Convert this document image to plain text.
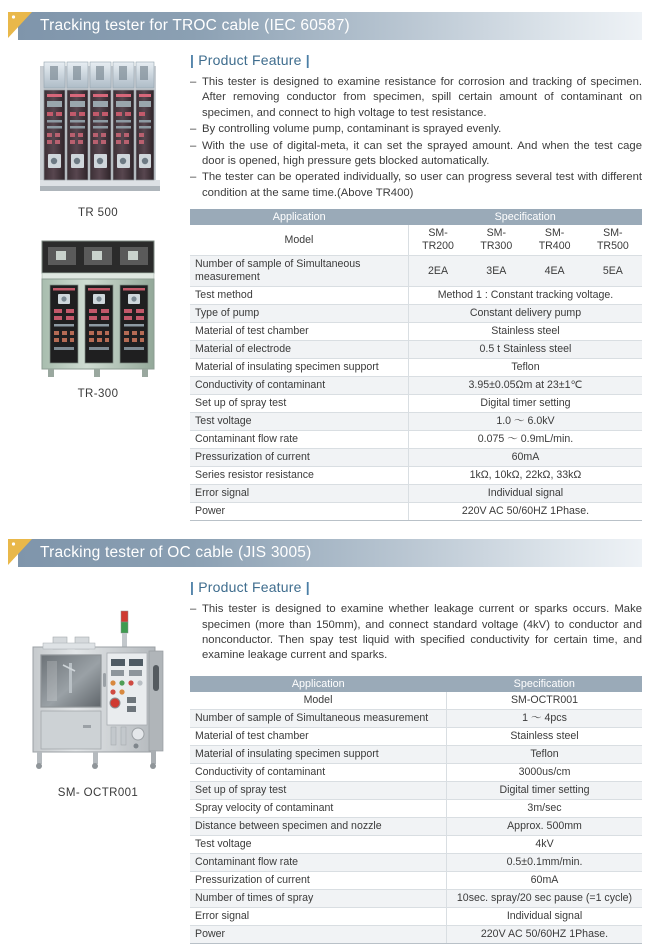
Tracking tester for TROC cable (IEC 60587)
TR 500
TR-300
| Product Feature |
– This tester is designed to examine resistance for corrosion and tracking of specimen. After removing conductor from specimen, spill certain amount of contaminant on specimen, and connect to high voltage to test resistance.
– By controlling volume pump, contaminant is sprayed evenly.
– With the use of digital-meta, it can set the sprayed amount. And when the test cage door is opened, high pressure gets blocked automatically.
– The tester can be operated individually, so user can progress several test with different condition at the same time.(Above TR400)
Application	Specification			
Model	SM-TR200	SM-TR300	SM-TR400	SM-TR500
Number of sample of Simultaneous measurement	2EA	3EA	4EA	5EA
Test method	Method 1 : Constant tracking voltage.			
Type of pump	Constant delivery pump			
Material of test chamber	Stainless steel			
Material of electrode	0.5 t Stainless steel			
Material of insulating specimen support	Teflon			
Conductivity of contaminant	3.95±0.05Ωm at 23±1℃			
Set up of spray test	Digital timer setting			
Test voltage	1.0 ～ 6.0kV			
Contaminant flow rate	0.075 ～ 0.9mL/min.			
Pressurization of current	60mA			
Series resistor resistance	1kΩ, 10kΩ, 22kΩ, 33kΩ			
Error signal	Individual signal			
Power	220V AC 50/60HZ 1Phase.			
Tracking tester of OC cable (JIS 3005)
SM- OCTR001
| Product Feature |
– This tester is designed to examine whether leakage current or sparks occurs. Make specimen (more than 150mm), and connect standard voltage (4kV) to conductor and nonconductor. Then spay test liquid with specified conductivity for certain time, and examine leakage current and sparks.
Application	Specification
Model	SM-OCTR001
Number of sample of Simultaneous measurement	1 ～ 4pcs
Material of test chamber	Stainless steel
Material of insulating specimen support	Teflon
Conductivity of contaminant	3000us/cm
Set up of spray test	Digital timer setting
Spray velocity of contaminant	3m/sec
Distance between specimen and nozzle	Approx. 500mm
Test voltage	4kV
Contaminant flow rate	0.5±0.1mm/min.
Pressurization of current	60mA
Number of times of spray	10sec. spray/20 sec pause (=1 cycle)
Error signal	Individual signal
Power	220V AC 50/60HZ 1Phase.
